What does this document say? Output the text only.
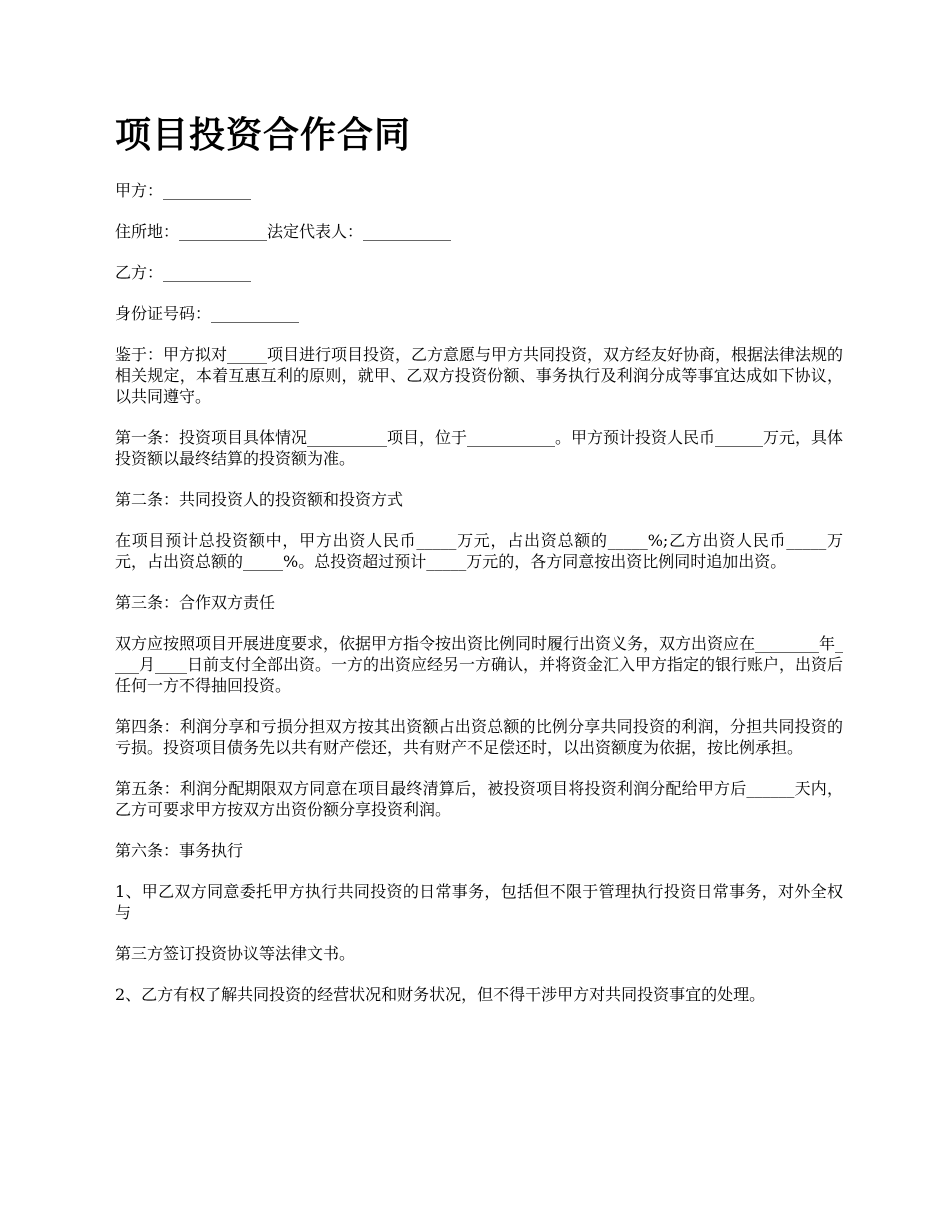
项目投资合作合同

甲方：___________

住所地：___________法定代表人：___________

乙方：___________

身份证号码：___________

鉴于：甲方拟对_____项目进行项目投资，乙方意愿与甲方共同投资，双方经友好协商，根据法律法规的相关规定，本着互惠互利的原则，就甲、乙双方投资份额、事务执行及利润分成等事宜达成如下协议，以共同遵守。

第一条：投资项目具体情况__________项目，位于___________。甲方预计投资人民币______万元，具体投资额以最终结算的投资额为准。

第二条：共同投资人的投资额和投资方式

在项目预计总投资额中，甲方出资人民币_____万元，占出资总额的_____%;乙方出资人民币_____万元，占出资总额的_____%。总投资超过预计_____万元的，各方同意按出资比例同时追加出资。

第三条：合作双方责任

双方应按照项目开展进度要求，依据甲方指令按出资比例同时履行出资义务，双方出资应在________年____月____日前支付全部出资。一方的出资应经另一方确认，并将资金汇入甲方指定的银行账户，出资后任何一方不得抽回投资。

第四条：利润分享和亏损分担双方按其出资额占出资总额的比例分享共同投资的利润，分担共同投资的亏损。投资项目债务先以共有财产偿还，共有财产不足偿还时，以出资额度为依据，按比例承担。

第五条：利润分配期限双方同意在项目最终清算后，被投资项目将投资利润分配给甲方后______天内，乙方可要求甲方按双方出资份额分享投资利润。

第六条：事务执行

1、甲乙双方同意委托甲方执行共同投资的日常事务，包括但不限于管理执行投资日常事务，对外全权与

第三方签订投资协议等法律文书。

2、乙方有权了解共同投资的经营状况和财务状况，但不得干涉甲方对共同投资事宜的处理。
